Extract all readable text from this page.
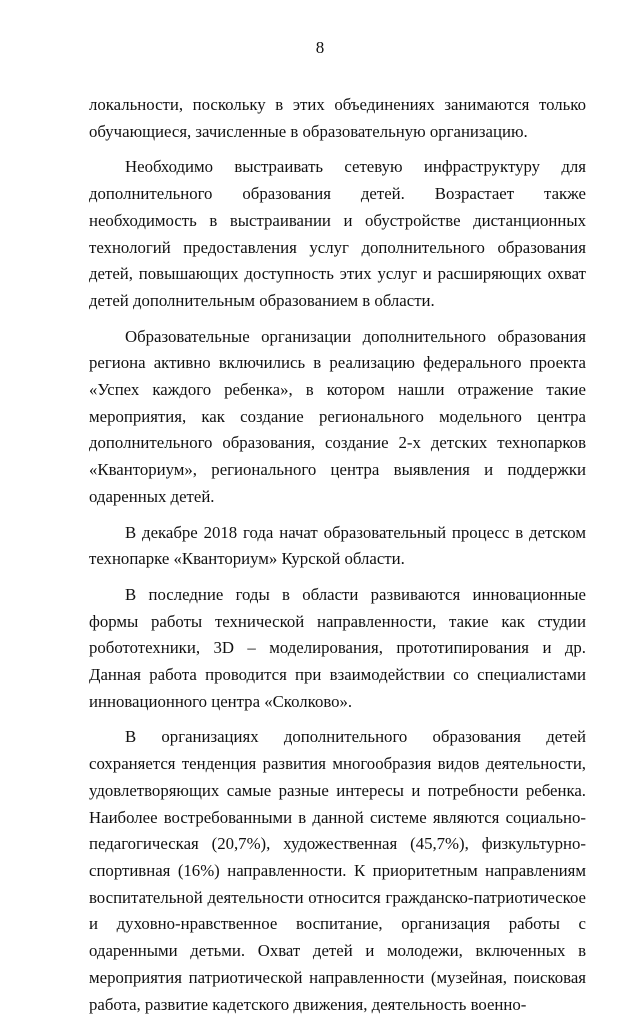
8

локальности, поскольку в этих объединениях занимаются только обучающиеся, зачисленные в образовательную организацию.

Необходимо выстраивать сетевую инфраструктуру для дополнительного образования детей. Возрастает также необходимость в выстраивании и обустройстве дистанционных технологий предоставления услуг дополнительного образования детей, повышающих доступность этих услуг и расширяющих охват детей дополнительным образованием в области.

Образовательные организации дополнительного образования региона активно включились в реализацию федерального проекта «Успех каждого ребенка», в котором нашли отражение такие мероприятия, как создание регионального модельного центра дополнительного образования, создание 2-х детских технопарков «Кванториум», регионального центра выявления и поддержки одаренных детей.

В декабре 2018 года начат образовательный процесс в детском технопарке «Кванториум» Курской области.

В последние годы в области развиваются инновационные формы работы технической направленности, такие как студии робототехники, 3D – моделирования, прототипирования и др. Данная работа проводится при взаимодействии со специалистами инновационного центра «Сколково».

В организациях дополнительного образования детей сохраняется тенденция развития многообразия видов деятельности, удовлетворяющих самые разные интересы и потребности ребенка. Наиболее востребованными в данной системе являются социально-педагогическая (20,7%), художественная (45,7%), физкультурно-спортивная (16%) направленности. К приоритетным направлениям воспитательной деятельности относится гражданско-патриотическое и духовно-нравственное воспитание, организация работы с одаренными детьми. Охват детей и молодежи, включенных в мероприятия патриотической направленности (музейная, поисковая работа, развитие кадетского движения, деятельность военно-
